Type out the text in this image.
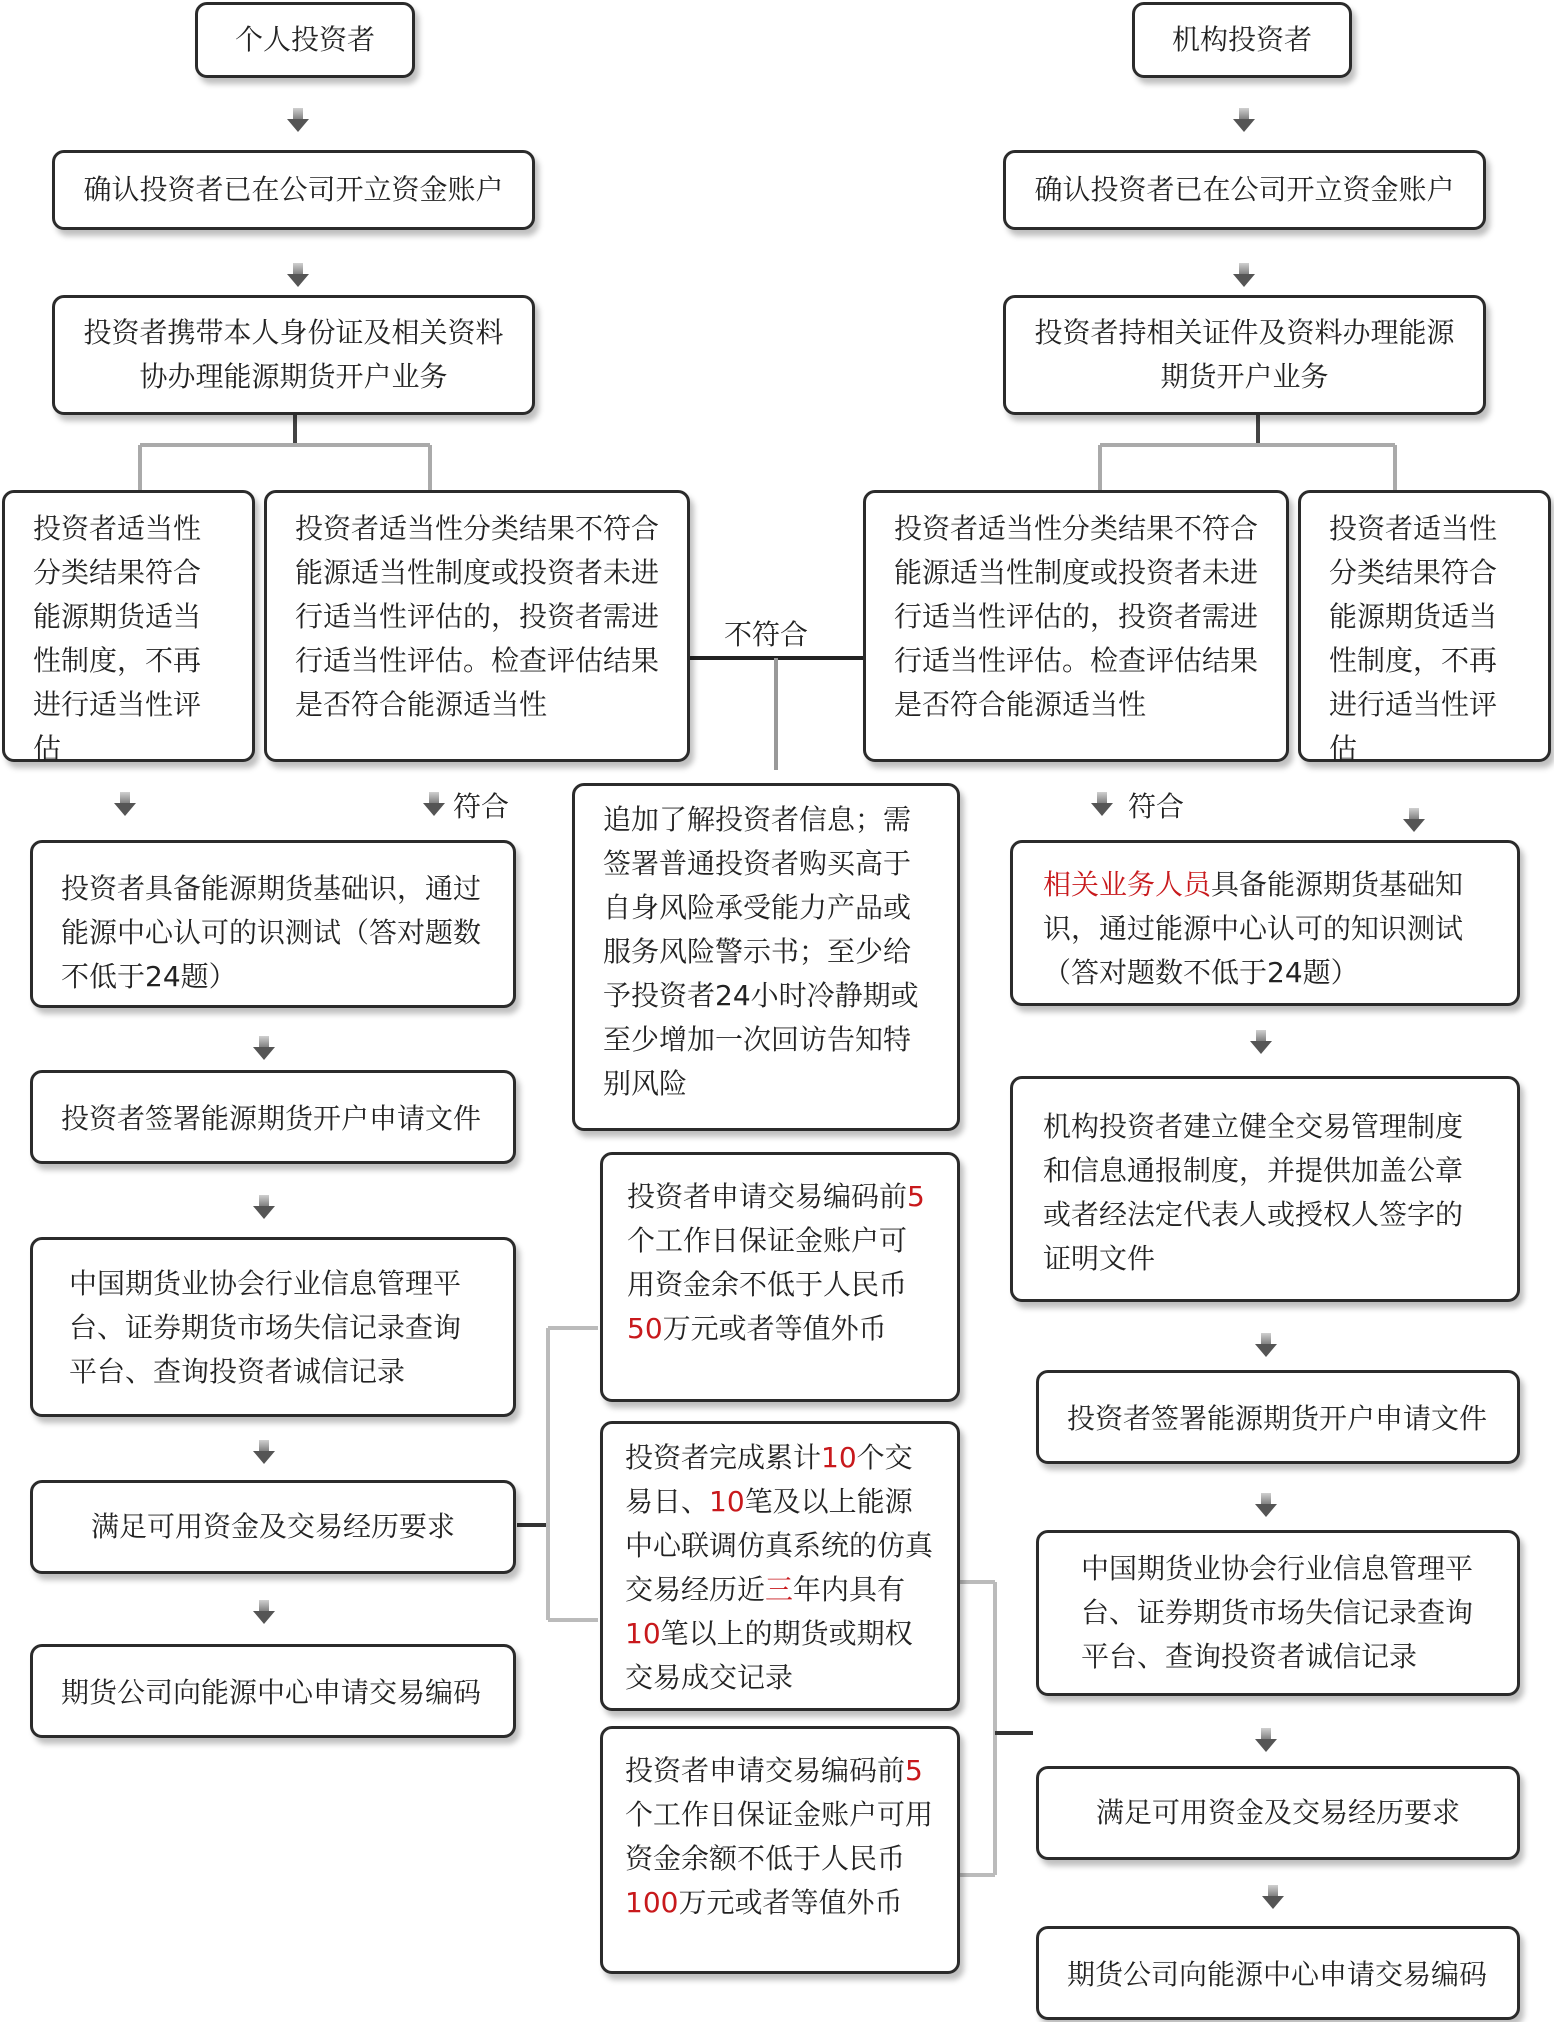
个人投资者
确认投资者已在公司开立资金账户
投资者携带本人身份证及相关资料协办理能源期货开户业务
投资者适当性分类结果符合能源期货适当性制度，不再进行适当性评估
投资者适当性分类结果不符合能源适当性制度或投资者未进行适当性评估的，投资者需进行适当性评估。检查评估结果是否符合能源适当性
符合
投资者具备能源期货基础识，通过能源中心认可的识测试（答对题数不低于24题）
投资者签署能源期货开户申请文件
中国期货业协会行业信息管理平台、证券期货市场失信记录查询平台、查询投资者诚信记录
满足可用资金及交易经历要求
期货公司向能源中心申请交易编码
不符合
追加了解投资者信息；需签署普通投资者购买高于自身风险承受能力产品或服务风险警示书；至少给予投资者24小时冷静期或至少增加一次回访告知特别风险
投资者申请交易编码前5个工作日保证金账户可用资金余不低于人民币50万元或者等值外币
投资者完成累计10个交易日、10笔及以上能源中心联调仿真系统的仿真交易经历近三年内具有10笔以上的期货或期权交易成交记录
投资者申请交易编码前5个工作日保证金账户可用资金余额不低于人民币100万元或者等值外币
机构投资者
确认投资者已在公司开立资金账户
投资者持相关证件及资料办理能源期货开户业务
投资者适当性分类结果不符合能源适当性制度或投资者未进行适当性评估的，投资者需进行适当性评估。检查评估结果是否符合能源适当性
投资者适当性分类结果符合能源期货适当性制度，不再进行适当性评估
符合
相关业务人员具备能源期货基础知识，通过能源中心认可的知识测试（答对题数不低于24题）
机构投资者建立健全交易管理制度和信息通报制度，并提供加盖公章或者经法定代表人或授权人签字的证明文件
投资者签署能源期货开户申请文件
中国期货业协会行业信息管理平台、证券期货市场失信记录查询平台、查询投资者诚信记录
满足可用资金及交易经历要求
期货公司向能源中心申请交易编码
